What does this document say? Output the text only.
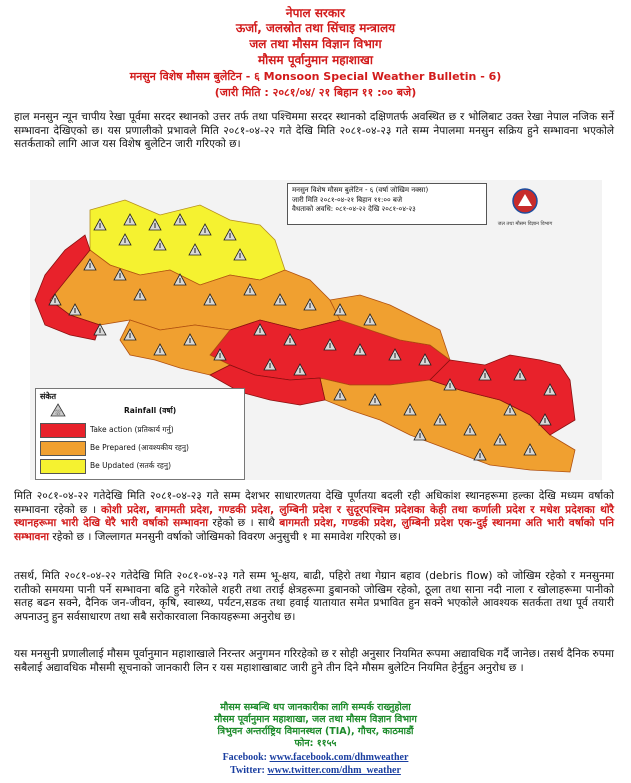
नेपाल सरकार
ऊर्जा, जलस्रोत तथा सिंचाइ मन्त्रालय
जल तथा मौसम विज्ञान विभाग
मौसम पूर्वानुमान महाशाखा
मनसुन विशेष मौसम बुलेटिन - ६ Monsoon Special Weather Bulletin - 6)
(जारी मिति : २०८१/०४/ २१ बिहान ११ :०० बजे)
हाल मनसुन न्यून चापीय रेखा पूर्वमा सरदर स्थानको उत्तर तर्फ तथा पश्चिममा सरदर स्थानको दक्षिणतर्फ अवस्थित छ र भोलिबाट उक्त रेखा नेपाल नजिक सर्ने सम्भावना देखिएको छ। यस प्रणालीको प्रभावले मिति २०८१-०४-२२ गते देखि मिति २०८१-०४-२३ गते सम्म नेपालमा मनसुन सक्रिय हुने सम्भावना भएकोले सतर्कताको लागि आज यस विशेष बुलेटिन जारी गरिएको छ।
मनसुन विशेष मौसम बुलेटिन - ६ (वर्षा जोखिम नक्सा)
जारी मिति २०८१-०४-२१ बिहान ११:०० बजे
वैधताको अवधि: ०८१-०४-२२ देखि २०८१-०४-२३
जल तथा मौसम विज्ञान विभाग
संकेत
⛆	Rainfall (वर्षा)
Take action (प्रतिकार्य गर्नु)
Be Prepared (आवश्यकीय रहनु)
Be Updated (सतर्क रहनु)
मिति २०८१-०४-२२ गतेदेखि मिति २०८१-०४-२३ गते सम्म देशभर साधारणतया देखि पूर्णतया बदली रही अधिकांश स्थानहरूमा हल्का देखि मध्यम वर्षाको सम्भावना रहेको छ । कोशी प्रदेश, बागमती प्रदेश, गण्डकी प्रदेश, लुम्बिनी प्रदेश र सुदूरपश्चिम प्रदेशका केही तथा कर्णाली प्रदेश र मधेश प्रदेशका थोरै स्थानहरूमा भारी देखि धेरै भारी वर्षाको सम्भावना रहेको छ । साथै बागमती प्रदेश, गण्डकी प्रदेश, लुम्बिनी प्रदेश एक-दुई स्थानमा अति भारी वर्षाको पनि सम्भावना रहेको छ । जिल्लागत मनसुनी वर्षाको जोखिमको विवरण अनुसुची १ मा समावेश गरिएको छ।
तसर्थ, मिति २०८१-०४-२२ गतेदेखि मिति २०८१-०४-२३ गते सम्म भू-क्षय, बाढी, पहिरो तथा गेग्रान बहाव (debris flow) को जोखिम रहेको र मनसुनमा रातीको समयमा पानी पर्ने सम्भावना बढि हुने गरेकोले शहरी तथा तराई क्षेत्रहरूमा डुबानको जोखिम रहेको, ठूला तथा साना नदी नाला र खोलाहरूमा पानीको सतह बढन सक्ने, दैनिक जन-जीवन, कृषि, स्वास्थ्य, पर्यटन,सडक तथा हवाई यातायात समेत प्रभावित हुन सक्ने भएकोले आवश्यक सतर्कता तथा पूर्व तयारी अपनाउनु हुन सर्वसाधारण तथा सबै सरोकारवाला निकायहरूमा अनुरोध छ।
यस मनसुनी प्रणालीलाई मौसम पूर्वानुमान महाशाखाले निरन्तर अनुगमन गरिरहेको छ र सोही अनुसार नियमित रूपमा अद्यावधिक गर्दै जानेछ। तसर्थ दैनिक रुपमा सबैलाई अद्यावधिक मौसमी सूचनाको जानकारी लिन र यस महाशाखाबाट जारी हुने तीन दिने मौसम बुलेटिन नियमित हेर्नुहुन अनुरोध छ ।
मौसम सम्बन्धि थप जानकारीका लागि सम्पर्क राख्नुहोला
मौसम पूर्वानुमान महाशाखा, जल तथा मौसम विज्ञान विभाग
त्रिभुवन अन्तर्राष्ट्रिय विमानस्थल (TIA), गौचर, काठमाडौं
फोन: ११५५
Facebook: www.facebook.com/dhmweather
Twitter: www.twitter.com/dhm_weather
